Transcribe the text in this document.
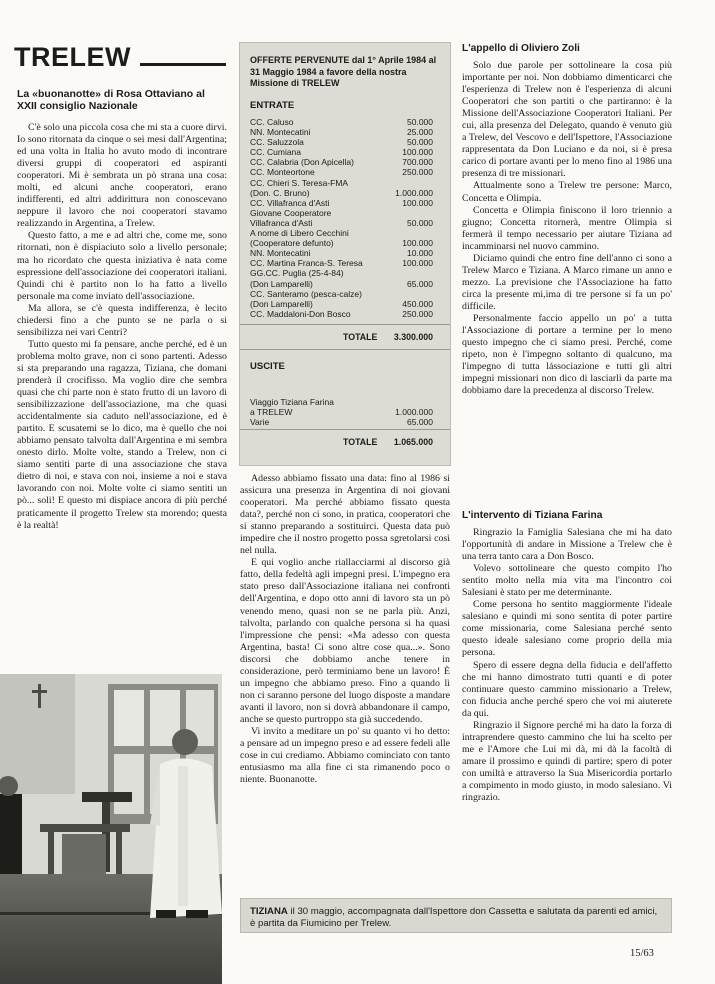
TRELEW
La «buonanotte» di Rosa Ottaviano al XXII consiglio Nazionale

C'è solo una piccola cosa che mi sta a cuore dirvi. Io sono ritornata da cinque o sei mesi dall'Argentina; ed una volta in Italia ho avuto modo di incontrare diversi gruppi di cooperatori ed aspiranti cooperatori. Mi è sembrata un pò strana una cosa: molti, ed alcuni anche cooperatori, erano indifferenti, ed altri addirittura non conoscevano neppure il lavoro che noi cooperatori stavamo realizzando in Argentina, a Trelew.

Questo fatto, a me e ad altri che, come me, sono ritornati, non è dispiaciuto solo a livello personale; ma ho ricordato che questa iniziativa è nata come espressione dell'associazione dei cooperatori italiani. Quindi chi è partito non lo ha fatto a livello personale ma come inviato dell'associazione.

Ma allora, se c'è questa indifferenza, è lecito chiedersi fino a che punto se ne parla o si sensibilizza nei vari Centri?

Tutto questo mi fa pensare, anche perché, ed è un problema molto grave, non ci sono partenti. Adesso si sta preparando una ragazza, Tiziana, che domani prenderà il crocifisso. Ma voglio dire che sembra quasi che chi parte non è stato frutto di un lavoro di sensibilizzazione dell'associazione, ma che quasi accidentalmente sia caduto nell'associazione, ed è partito. E scusatemi se lo dico, ma è quello che noi abbiamo pensato talvolta dall'Argentina e mi sembra onesto dirlo. Molte volte, stando a Trelew, non ci siamo sentiti parte di una associazione che stava dietro di noi, e stava con noi, insieme a noi e stava lavorando con noi. Molte volte ci siamo sentiti un pò... soli! E questo mi dispiace ancora di più perché praticamente il progetto Trelew sta morendo; questa è la realtà!

OFFERTE PERVENUTE dal 1° Aprile 1984 al 31 Maggio 1984 a favore della nostra Missione di TRELEW
ENTRATE
CC. Caluso	50.000
NN. Montecatini	25.000
CC. Saluzzola	50.000
CC. Cumiana	100.000
CC. Calabria (Don Apicella)	700.000
CC. Monteortone	250.000
CC. Chieri S. Teresa-FMA
(Don. C. Bruno)	1.000.000
CC. Villafranca d'Asti	100.000
Giovane Cooperatore
Villafranca d'Asti	50.000
A nome di Libero Cecchini
(Cooperatore defunto)	100.000
NN. Montecatini	10.000
CC. Martina Franca-S. Teresa	100.000
GG.CC. Puglia (25-4-84)
(Don Lamparelli)	65.000
CC. Santeramo (pesca-calze)
(Don Lamparelli)	450.000
CC. Maddaloni-Don Bosco	250.000
TOTALE 3.300.000
USCITE
Viaggio Tiziana Farina
a TRELEW	1.000.000
Varie	65.000
TOTALE 1.065.000

Adesso abbiamo fissato una data: fino al 1986 si assicura una presenza in Argentina di noi giovani cooperatori. Ma perché abbiamo fissato questa data?, perché non ci sono, in pratica, cooperatori che si stanno preparando a sostituirci. Questa data può impedire che il nostro progetto possa sgretolarsi così nel nulla.

E qui voglio anche riallacciarmi al discorso già fatto, della fedeltà agli impegni presi. L'impegno era stato preso dall'Associazione italiana nei confronti dell'Argentina, e dopo otto anni di lavoro sta un pò venendo meno, quasi non se ne parla più. Anzi, talvolta, parlando con qualche persona si ha quasi l'impressione che pensi: «Ma adesso con questa Argentina, basta! Ci sono altre cose qua...». Sono discorsi che dobbiamo anche tenere in considerazione, però terminiamo bene un lavoro! È un impegno che abbiamo preso. Fino a quando lì non ci saranno persone del luogo disposte a mandare avanti il lavoro, non si dovrà abbandonare il campo, anche se questo purtroppo sta già succedendo.

Vi invito a meditare un po' su quanto vi ho detto: a pensare ad un impegno preso e ad essere fedeli alle cose in cui crediamo. Abbiamo cominciato con tanto entusiasmo ma alla fine ci sta rimanendo poco o niente. Buonanotte.

L'appello di Olivierо Zoli

Solo due parole per sottolineare la cosa più importante per noi. Non dobbiamo dimenticarci che l'esperienza di Trelew non è l'esperienza di alcuni Cooperatori che son partiti o che partiranno: è la Missione dell'Associazione Cooperatori Italiani. Per cui, alla presenza del Delegato, quando è venuto giù a Trelew, del Vescovo e dell'Ispettore, l'Associazione rappresentata da Don Luciano e da noi, si è presa carico di portare avanti per lo meno fino al 1986 una presenza di tre missionari.

Attualmente sono a Trelew tre persone: Marco, Concetta e Olimpia.

Concetta e Olimpia finiscono il loro triennio a giugno; Concetta ritornerà, mentre Olimpia si fermerà il tempo necessario per aiutare Tiziana ad incamminarsi nel nuovo cammino.

Diciamo quindi che entro fine dell'anno ci sono a Trelew Marco e Tiziana. A Marco rimane un anno e mezzo. La previsione che l'Associazione ha fatto circa la presente mi,ima di tre persone si fa un po' difficile.

Personalmente faccio appello un po' a tutta l'Associazione di portare a termine per lo meno questo impegno che ci siamo presi. Perché, come ripeto, non è l'impegno soltanto di qualcuno, ma l'impegno di tutta lássociazione e tutti gli altri impegni missionari non dico di lasciarli da parte ma dobbiamo dare la precedenza al discorso Trelew.

L'intervento di Tiziana Farina

Ringrazio la Famiglia Salesiana che mi ha dato l'opportunità di andare in Missione a Trelew che è una terra tanto cara a Don Bosco.

Volevo sottolineare che questo compito l'ho sentito molto nella mia vita ma l'incontro coi Salesiani è stato per me determinante.

Come persona ho sentito maggiormente l'ideale salesiano e quindi mi sono sentita di poter partire come missionaria, come Salesiana perché sento questo ideale salesiano come proprio della mia persona.

Spero di essere degna della fiducia e dell'affetto che mi hanno dimostrato tutti quanti e di poter continuare questo cammino missionario a Trelew, con fiducia anche perché spero che voi mi aiuterete da qui.

Ringrazio il Signore perché mi ha dato la forza di intraprendere questo cammino che lui ha scelto per me e l'Amore che Lui mi dà, mi dà la facoltà di amare il prossimo e quindi di partire; spero di poter con umiltà e attraverso la Sua Misericordia portarlo a compimento in modo giusto, in modo salesiano. Vi ringrazio.

TIZIANA il 30 maggio, accompagnata dall'Ispettore don Cassetta e salutata da parenti ed amici, è partita da Fiumicino per Trelew.
15/63
